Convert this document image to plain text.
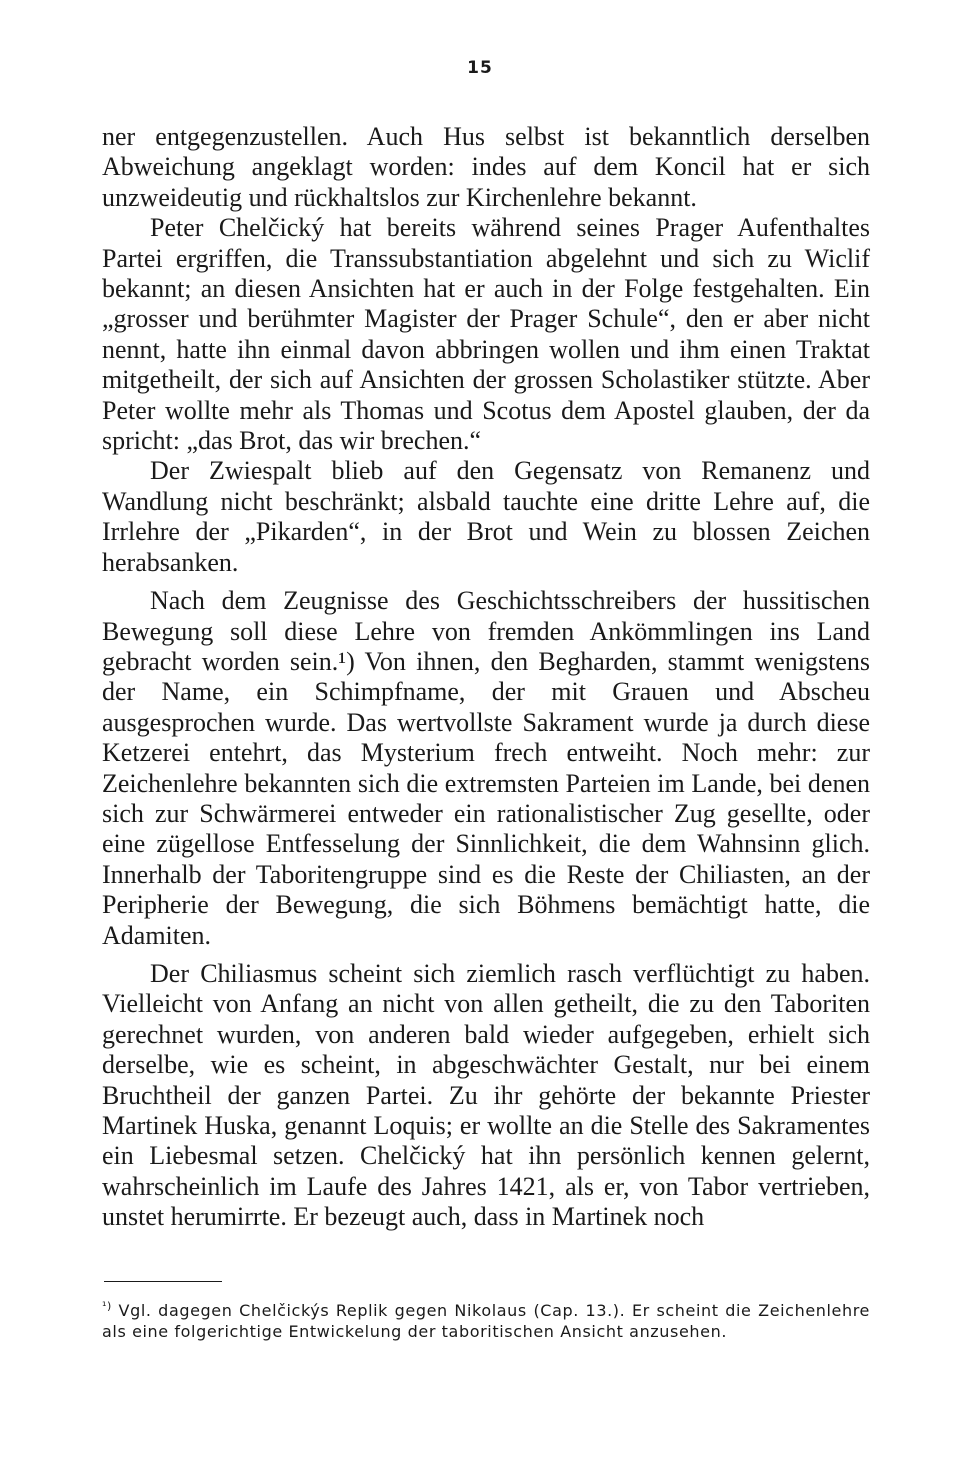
15

ner entgegenzustellen. Auch Hus selbst ist bekanntlich derselben Abweichung angeklagt worden: indes auf dem Koncil hat er sich unzweideutig und rückhaltslos zur Kirchenlehre bekannt.

Peter Chelčický hat bereits während seines Prager Aufenthaltes Partei ergriffen, die Transsubstantiation abgelehnt und sich zu Wiclif bekannt; an diesen Ansichten hat er auch in der Folge festgehalten. Ein „grosser und berühmter Magister der Prager Schule“, den er aber nicht nennt, hatte ihn einmal davon abbringen wollen und ihm einen Traktat mitgetheilt, der sich auf Ansichten der grossen Scholastiker stützte. Aber Peter wollte mehr als Thomas und Scotus dem Apostel glauben, der da spricht: „das Brot, das wir brechen.“

Der Zwiespalt blieb auf den Gegensatz von Remanenz und Wandlung nicht beschränkt; alsbald tauchte eine dritte Lehre auf, die Irrlehre der „Pikarden“, in der Brot und Wein zu blossen Zeichen herabsanken.

Nach dem Zeugnisse des Geschichtsschreibers der hussitischen Bewegung soll diese Lehre von fremden Ankömmlingen ins Land gebracht worden sein.¹) Von ihnen, den Begharden, stammt wenigstens der Name, ein Schimpfname, der mit Grauen und Abscheu ausgesprochen wurde. Das wertvollste Sakrament wurde ja durch diese Ketzerei entehrt, das Mysterium frech entweiht. Noch mehr: zur Zeichenlehre bekannten sich die extremsten Parteien im Lande, bei denen sich zur Schwärmerei entweder ein rationalistischer Zug gesellte, oder eine zügellose Entfesselung der Sinnlichkeit, die dem Wahnsinn glich. Innerhalb der Taboritengruppe sind es die Reste der Chiliasten, an der Peripherie der Bewegung, die sich Böhmens bemächtigt hatte, die Adamiten.

Der Chiliasmus scheint sich ziemlich rasch verflüchtigt zu haben. Vielleicht von Anfang an nicht von allen getheilt, die zu den Taboriten gerechnet wurden, von anderen bald wieder aufgegeben, erhielt sich derselbe, wie es scheint, in abgeschwächter Gestalt, nur bei einem Bruchtheil der ganzen Partei. Zu ihr gehörte der bekannte Priester Martinek Huska, genannt Loquis; er wollte an die Stelle des Sakramentes ein Liebesmal setzen. Chelčický hat ihn persönlich kennen gelernt, wahrscheinlich im Laufe des Jahres 1421, als er, von Tabor vertrieben, unstet herumirrte. Er bezeugt auch, dass in Martinek noch

$^{^1)}$ Vgl. dagegen Chelčickýs Replik gegen Nikolaus (Cap. 13.). Er scheint die Zeichenlehre als eine folgerichtige Entwickelung der taboritischen Ansicht anzusehen.
